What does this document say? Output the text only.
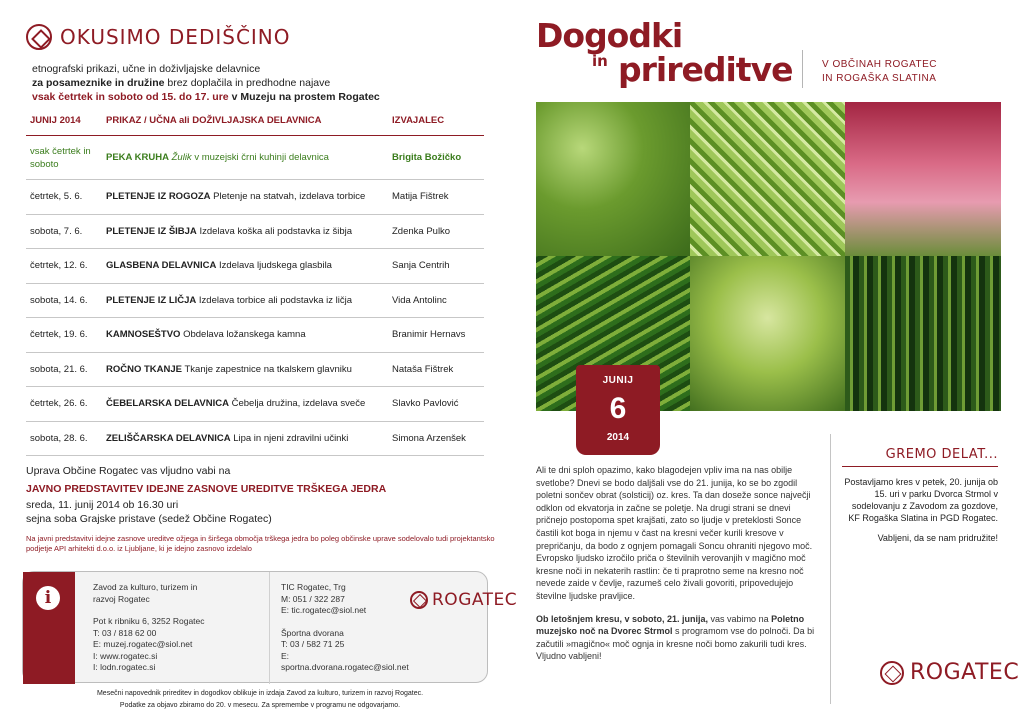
OKUSIMO DEDIŠČINO
etnografski prikazi, učne in doživljajske delavnice
za posameznike in družine brez doplačila in predhodne najave
vsak četrtek in soboto od 15. do 17. ure v Muzeju na prostem Rogatec
JUNIJ 2014	PRIKAZ / UČNA ali DOŽIVLJAJSKA DELAVNICA	IZVAJALEC
vsak četrtek in soboto	PEKA KRUHA Žulik v muzejski črni kuhinji delavnica	Brigita Božičko
četrtek, 5. 6.	PLETENJE IZ ROGOZA Pletenje na statvah, izdelava torbice	Matija Fištrek
sobota, 7. 6.	PLETENJE IZ ŠIBJA Izdelava koška ali podstavka iz šibja	Zdenka Pulko
četrtek, 12. 6.	GLASBENA DELAVNICA Izdelava ljudskega glasbila	Sanja Centrih
sobota, 14. 6.	PLETENJE IZ LIČJA Izdelava torbice ali podstavka iz ličja	Vida Antolinc
četrtek, 19. 6.	KAMNOSEŠTVO Obdelava ložanskega kamna	Branimir Hernavs
sobota, 21. 6.	ROČNO TKANJE Tkanje zapestnice na tkalskem glavniku	Nataša Fištrek
četrtek, 26. 6.	ČEBELARSKA DELAVNICA Čebelja družina, izdelava sveče	Slavko Pavlović
sobota, 28. 6.	ZELIŠČARSKA DELAVNICA Lipa in njeni zdravilni učinki	Simona Arzenšek
Uprava Občine Rogatec vas vljudno vabi na
JAVNO PREDSTAVITEV IDEJNE ZASNOVE UREDITVE TRŠKEGA JEDRA
sreda, 11. junij 2014 ob 16.30 uri
sejna soba Grajske pristave (sedež Občine Rogatec)
Na javni predstavitvi idejne zasnove ureditve ožjega in širšega območja trškega jedra bo poleg občinske uprave sodelovalo tudi projektantsko podjetje API arhitekti d.o.o. iz Ljubljane, ki je idejno zasnovo izdelalo
i
Zavod za kulturo, turizem in
razvoj Rogatec
Pot k ribniku 6, 3252 Rogatec
T: 03 / 818 62 00
E: muzej.rogatec@siol.net
I: www.rogatec.si
I: lodn.rogatec.si
TIC Rogatec, Trg
M: 051 / 322 287
E: tic.rogatec@siol.net
Športna dvorana
T: 03 / 582 71 25
E: sportna.dvorana.rogatec@siol.net
ROGATEC
Mesečni napovednik prireditev in dogodkov oblikuje in izdaja Zavod za kulturo, turizem in razvoj Rogatec.
Podatke za objavo zbiramo do 20. v mesecu. Za spremembe v programu ne odgovarjamo.
Dogodki
in prireditve	V OBČINAH ROGATEC
IN ROGAŠKA SLATINA
JUNIJ
6
2014

Ali te dni sploh opazimo, kako blagodejen vpliv ima na nas obilje svetlobe? Dnevi se bodo daljšali vse do 21. junija, ko se bo zgodil poletni sončev obrat (solsticij) oz. kres. Ta dan doseže sonce največji odklon od ekvatorja in začne se poletje. Na drugi strani se dnevi pričnejo postopoma spet krajšati, zato so ljudje v preteklosti Sonce častili kot boga in njemu v čast na kresni večer kurili kresove v prepričanju, da bodo z ognjem pomagali Soncu ohraniti njegovo moč. Evropsko ljudsko izročilo priča o številnih verovanjih v magično moč kresne noči in nekaterih rastlin: če ti praprotno seme na kresno noč nevede zaide v čevlje, razumeš celo živali govoriti, pripovedujejo številne ljudske pravljice.

Ob letošnjem kresu, v soboto, 21. junija, vas vabimo na Poletno muzejsko noč na Dvorec Strmol s programom vse do polnoči. Da bi začutili »magično« moč ognja in kresne noči bomo zakurili tudi kres. Vljudno vabljeni!

GREMO DELAT...
Postavljamo kres v petek, 20. junija ob 15. uri v parku Dvorca Strmol v sodelovanju z Zavodom za gozdove, KF Rogaška Slatina in PGD Rogatec.
Vabljeni, da se nam pridružite!
ROGATEC
